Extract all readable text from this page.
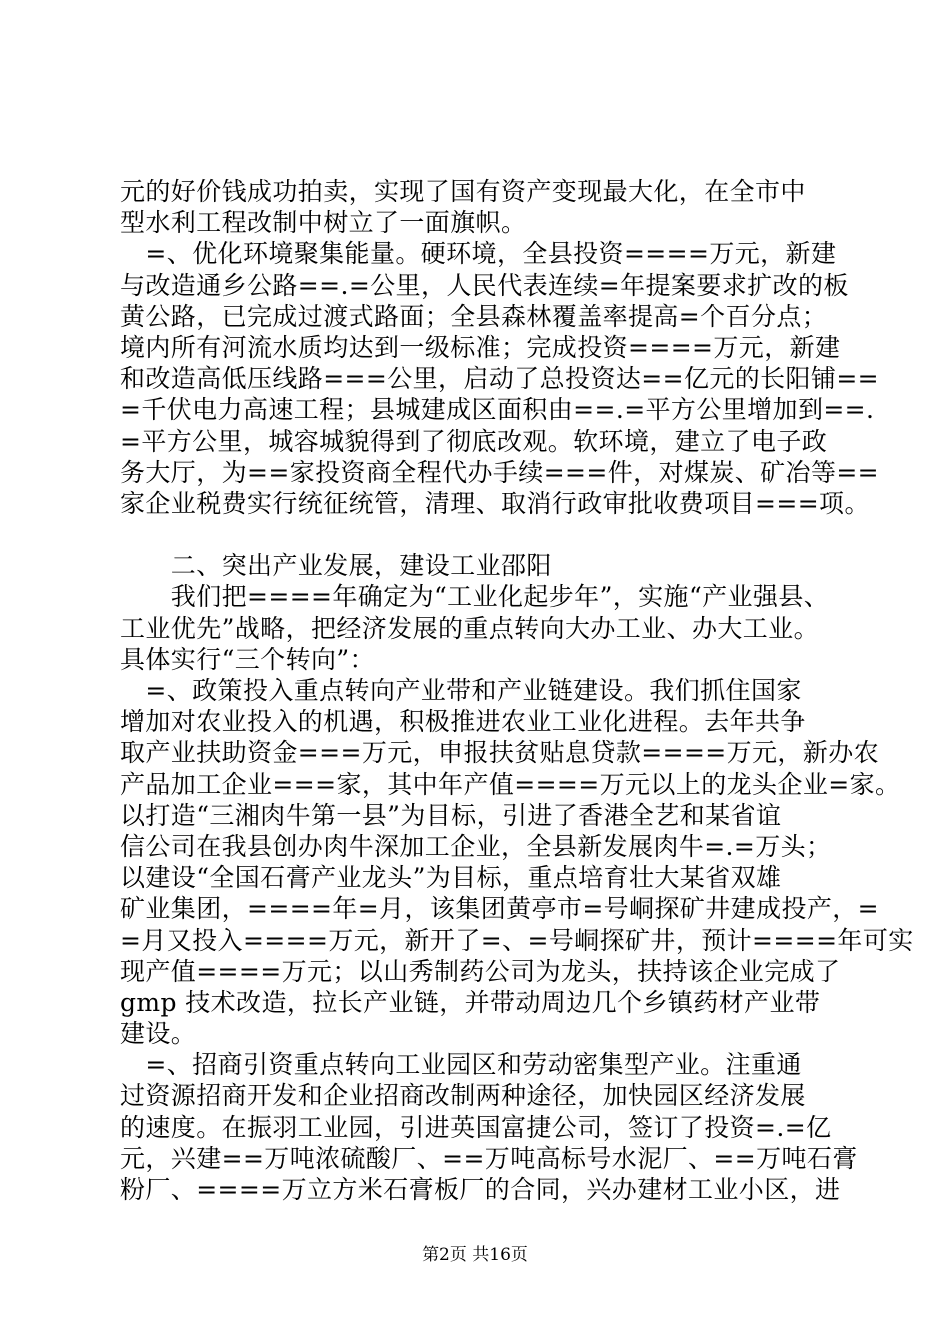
元的好价钱成功拍卖，实现了国有资产变现最大化，在全市中
型水利工程改制中树立了一面旗帜。
　=、优化环境聚集能量。硬环境，全县投资====万元，新建
与改造通乡公路==.=公里，人民代表连续=年提案要求扩改的板
黄公路，已完成过渡式路面；全县森林覆盖率提高=个百分点；
境内所有河流水质均达到一级标准；完成投资====万元，新建
和改造高低压线路===公里，启动了总投资达==亿元的长阳铺==
=千伏电力高速工程；县城建成区面积由==.=平方公里增加到==.
=平方公里，城容城貌得到了彻底改观。软环境，建立了电子政
务大厅，为==家投资商全程代办手续===件，对煤炭、矿冶等==
家企业税费实行统征统管，清理、取消行政审批收费项目===项。
　　二、突出产业发展，建设工业邵阳
　　我们把====年确定为“工业化起步年”，实施“产业强县、
工业优先”战略，把经济发展的重点转向大办工业、办大工业。
具体实行“三个转向”：
　=、政策投入重点转向产业带和产业链建设。我们抓住国家
增加对农业投入的机遇，积极推进农业工业化进程。去年共争
取产业扶助资金===万元，申报扶贫贴息贷款====万元，新办农
产品加工企业===家，其中年产值====万元以上的龙头企业=家。
以打造“三湘肉牛第一县”为目标，引进了香港全艺和某省谊
信公司在我县创办肉牛深加工企业，全县新发展肉牛=.=万头；
以建设“全国石膏产业龙头”为目标，重点培育壮大某省双雄
矿业集团，====年=月，该集团黄亭市=号峒探矿井建成投产，=
=月又投入====万元，新开了=、=号峒探矿井，预计====年可实
现产值====万元；以山秀制药公司为龙头，扶持该企业完成了
gmp 技术改造，拉长产业链，并带动周边几个乡镇药材产业带
建设。
　=、招商引资重点转向工业园区和劳动密集型产业。注重通
过资源招商开发和企业招商改制两种途径，加快园区经济发展
的速度。在振羽工业园，引进英国富捷公司，签订了投资=.=亿
元，兴建==万吨浓硫酸厂、==万吨高标号水泥厂、==万吨石膏
粉厂、====万立方米石膏板厂的合同，兴办建材工业小区，进
第2页 共16页
